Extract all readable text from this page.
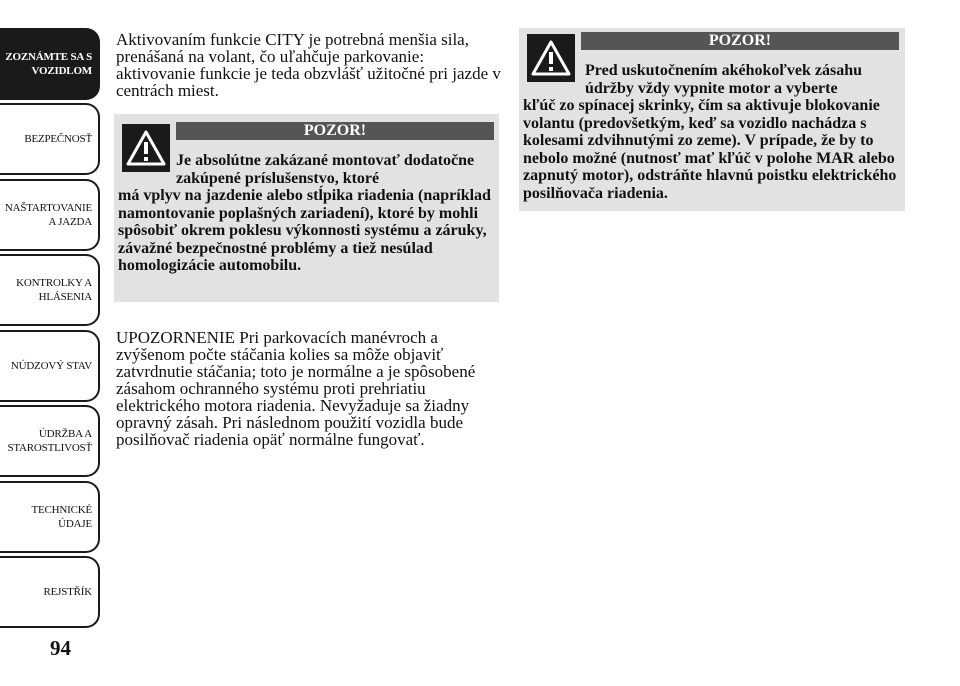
ZOZNÁMTE SA S
VOZIDLOM
BEZPEČNOSŤ
NAŠTARTOVANIE
A JAZDA
KONTROLKY A
HLÁSENIA
NÚDZOVÝ STAV
ÚDRŽBA A
STAROSTLIVOSŤ
TECHNICKÉ
ÚDAJE
REJSTŘÍK
94

Aktivovaním funkcie CITY je potrebná menšia sila, prenášaná na volant, čo uľahčuje parkovanie: aktivovanie funkcie je teda obzvlášť užitočné pri jazde v centrách miest.

POZOR!

Je absolútne zakázané montovať dodatočne zakúpené príslušenstvo, ktoré
má vplyv na jazdenie alebo stĺpika riadenia (napríklad namontovanie poplašných zariadení), ktoré by mohli spôsobiť okrem poklesu výkonnosti systému a záruky, závažné bezpečnostné problémy a tiež nesúlad homologizácie automobilu.

UPOZORNENIE Pri parkovacích manévroch a zvýšenom počte stáčania kolies sa môže objaviť zatvrdnutie stáčania; toto je normálne a je spôsobené zásahom ochranného systému proti prehriatiu elektrického motora riadenia. Nevyžaduje sa žiadny opravný zásah. Pri následnom použití vozidla bude posilňovač riadenia opäť normálne fungovať.

POZOR!

Pred uskutočnením akéhokoľvek zásahu údržby vždy vypnite motor a vyberte
kľúč zo spínacej skrinky, čím sa aktivuje blokovanie volantu (predovšetkým, keď sa vozidlo nachádza s kolesami zdvihnutými zo zeme). V prípade, že by to nebolo možné (nutnosť mať kľúč v polohe MAR alebo zapnutý motor), odstráňte hlavnú poistku elektrického posilňovača riadenia.
